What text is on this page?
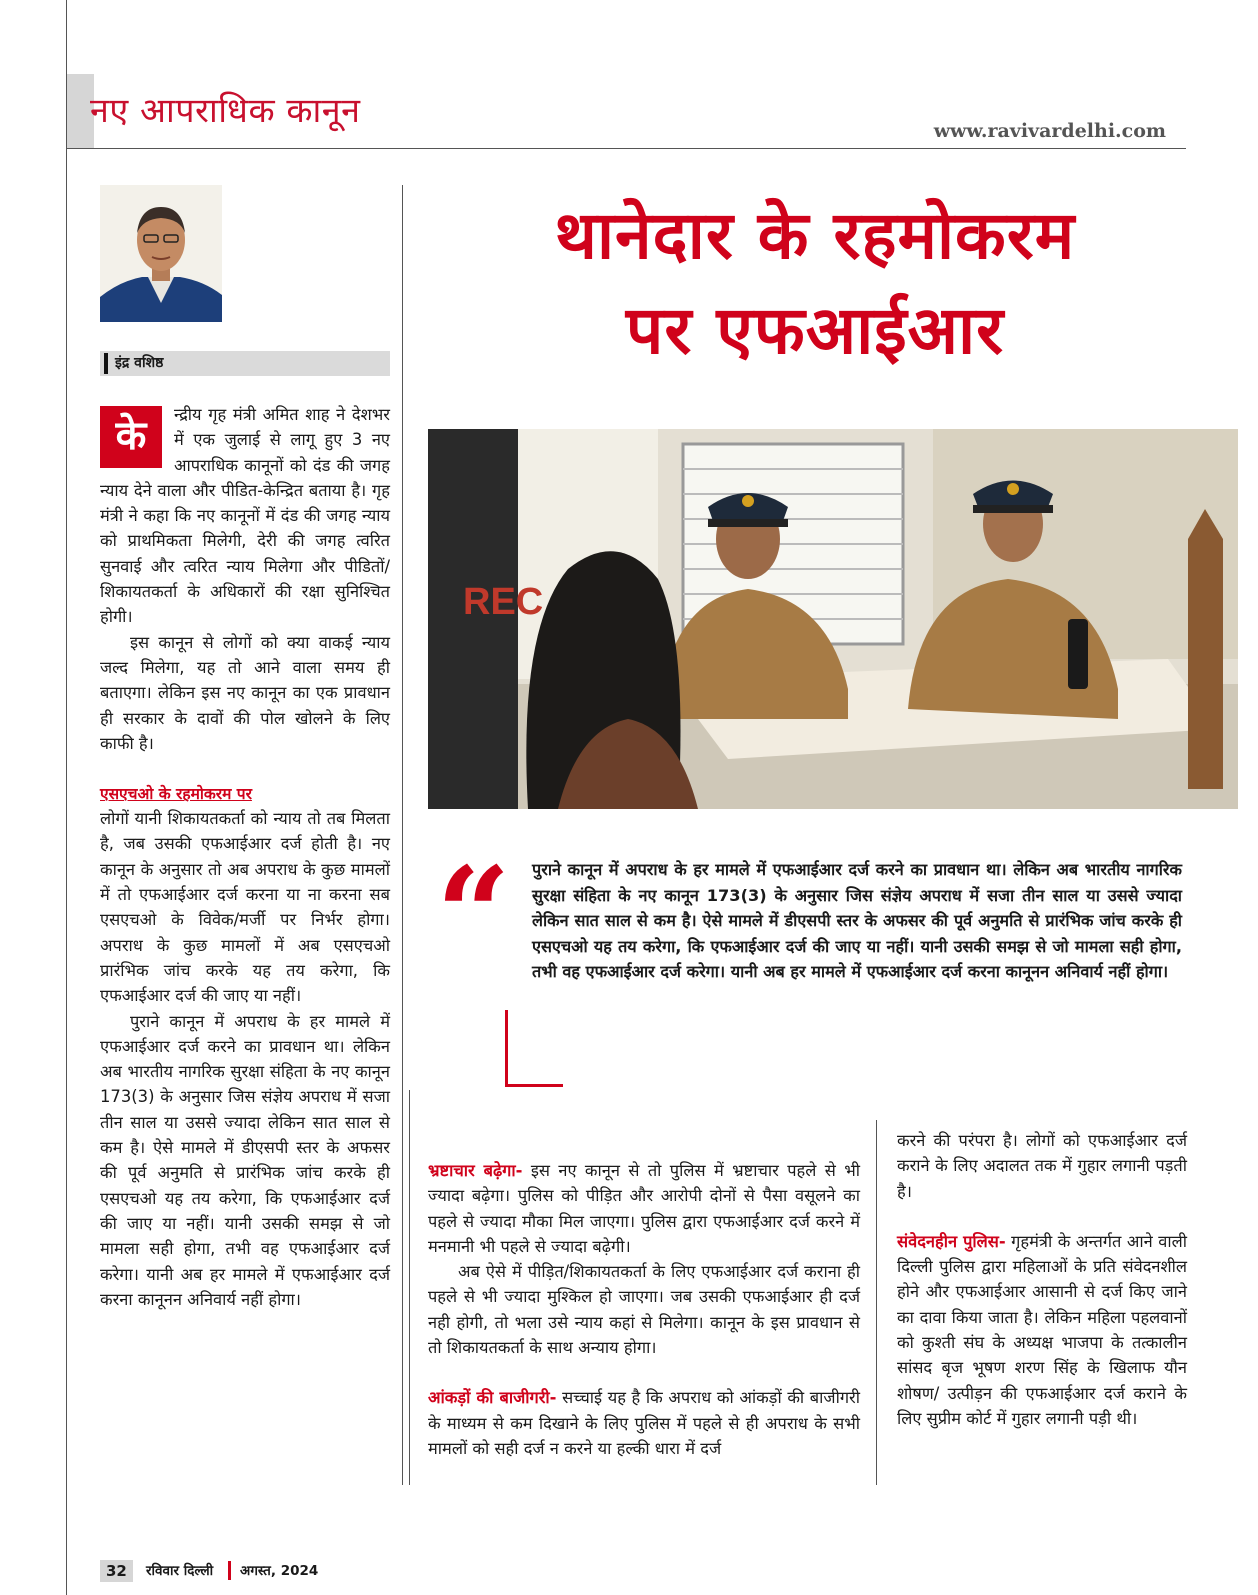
नए आपराधिक कानून	www.ravivardelhi.com
इंद्र वशिष्ठ
थानेदार के रहमोकरम
पर एफआईआर
REC
के	न्द्रीय गृह मंत्री अमित शाह ने देशभर में एक जुलाई से लागू हुए 3 नए आपराधिक कानूनों को दंड की जगह न्याय देने वाला और पीडित-केन्द्रित बताया है। गृह मंत्री ने कहा कि नए कानूनों में दंड की जगह न्याय को प्राथमिकता मिलेगी, देरी की जगह त्वरित सुनवाई और त्वरित न्याय मिलेगा और पीडितों/शिकायतकर्ता के अधिकारों की रक्षा सुनिश्चित होगी।

इस कानून से लोगों को क्या वाकई न्याय जल्द मिलेगा, यह तो आने वाला समय ही बताएगा। लेकिन इस नए कानून का एक प्रावधान ही सरकार के दावों की पोल खोलने के लिए काफी है।

एसएचओ के रहमोकरम पर

लोगों यानी शिकायतकर्ता को न्याय तो तब मिलता है, जब उसकी एफआईआर दर्ज होती है। नए कानून के अनुसार तो अब अपराध के कुछ मामलों में तो एफआईआर दर्ज करना या ना करना सब एसएचओ के विवेक/मर्जी पर निर्भर होगा। अपराध के कुछ मामलों में अब एसएचओ प्रारंभिक जांच करके यह तय करेगा, कि एफआईआर दर्ज की जाए या नहीं।

पुराने कानून में अपराध के हर मामले में एफआईआर दर्ज करने का प्रावधान था। लेकिन अब भारतीय नागरिक सुरक्षा संहिता के नए कानून 173(3) के अनुसार जिस संज्ञेय अपराध में सजा तीन साल या उससे ज्यादा लेकिन सात साल से कम है। ऐसे मामले में डीएसपी स्तर के अफसर की पूर्व अनुमति से प्रारंभिक जांच करके ही एसएचओ यह तय करेगा, कि एफआईआर दर्ज की जाए या नहीं। यानी उसकी समझ से जो मामला सही होगा, तभी वह एफआईआर दर्ज करेगा। यानी अब हर मामले में एफआईआर दर्ज करना कानूनन अनिवार्य नहीं होगा।

“ पुराने कानून में अपराध के हर मामले में एफआईआर दर्ज करने का प्रावधान था। लेकिन अब भारतीय नागरिक सुरक्षा संहिता के नए कानून 173(3) के अनुसार जिस संज्ञेय अपराध में सजा तीन साल या उससे ज्यादा लेकिन सात साल से कम है। ऐसे मामले में डीएसपी स्तर के अफसर की पूर्व अनुमति से प्रारंभिक जांच करके ही एसएचओ यह तय करेगा, कि एफआईआर दर्ज की जाए या नहीं। यानी उसकी समझ से जो मामला सही होगा, तभी वह एफआईआर दर्ज करेगा। यानी अब हर मामले में एफआईआर दर्ज करना कानूनन अनिवार्य नहीं होगा।

भ्रष्टाचार बढ़ेगा- इस नए कानून से तो पुलिस में भ्रष्टाचार पहले से भी ज्यादा बढ़ेगा। पुलिस को पीड़ित और आरोपी दोनों से पैसा वसूलने का पहले से ज्यादा मौका मिल जाएगा। पुलिस द्वारा एफआईआर दर्ज करने में मनमानी भी पहले से ज्यादा बढ़ेगी।

अब ऐसे में पीड़ित/शिकायतकर्ता के लिए एफआईआर दर्ज कराना ही पहले से भी ज्यादा मुश्किल हो जाएगा। जब उसकी एफआईआर ही दर्ज नही होगी, तो भला उसे न्याय कहां से मिलेगा। कानून के इस प्रावधान से तो शिकायतकर्ता के साथ अन्याय होगा।

आंकड़ों की बाजीगरी- सच्चाई यह है कि अपराध को आंकड़ों की बाजीगरी के माध्यम से कम दिखाने के लिए पुलिस में पहले से ही अपराध के सभी मामलों को सही दर्ज न करने या हल्की धारा में दर्ज

करने की परंपरा है। लोगों को एफआईआर दर्ज कराने के लिए अदालत तक में गुहार लगानी पड़ती है।

संवेदनहीन पुलिस- गृहमंत्री के अन्तर्गत आने वाली दिल्ली पुलिस द्वारा महिलाओं के प्रति संवेदनशील होने और एफआईआर आसानी से दर्ज किए जाने का दावा किया जाता है। लेकिन महिला पहलवानों को कुश्ती संघ के अध्यक्ष भाजपा के तत्कालीन सांसद बृज भूषण शरण सिंह के खिलाफ यौन शोषण/ उत्पीड़न की एफआईआर दर्ज कराने के लिए सुप्रीम कोर्ट में गुहार लगानी पड़ी थी।

32	रविवार दिल्ली अगस्त, 2024
